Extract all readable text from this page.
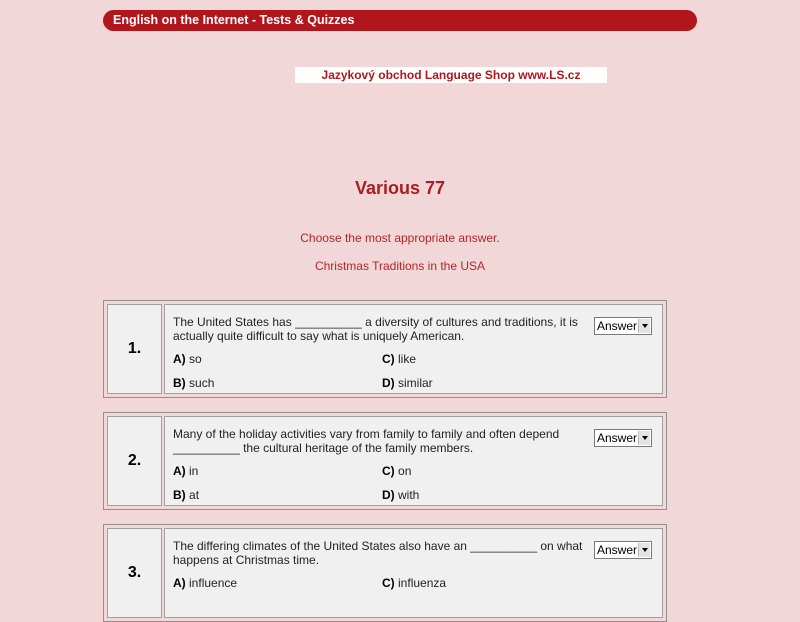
English on the Internet - Tests & Quizzes
Jazykový obchod Language Shop www.LS.cz
Various 77
Choose the most appropriate answer.
Christmas Traditions in the USA
1.
The United States has __________ a diversity of cultures and traditions, it is actually quite difficult to say what is uniquely American.
Answer
A) so	C) like
B) such	D) similar
2.
Many of the holiday activities vary from family to family and often depend __________ the cultural heritage of the family members.
Answer
A) in	C) on
B) at	D) with
3.
The differing climates of the United States also have an __________ on what happens at Christmas time.
Answer
A) influence	C) influenza
